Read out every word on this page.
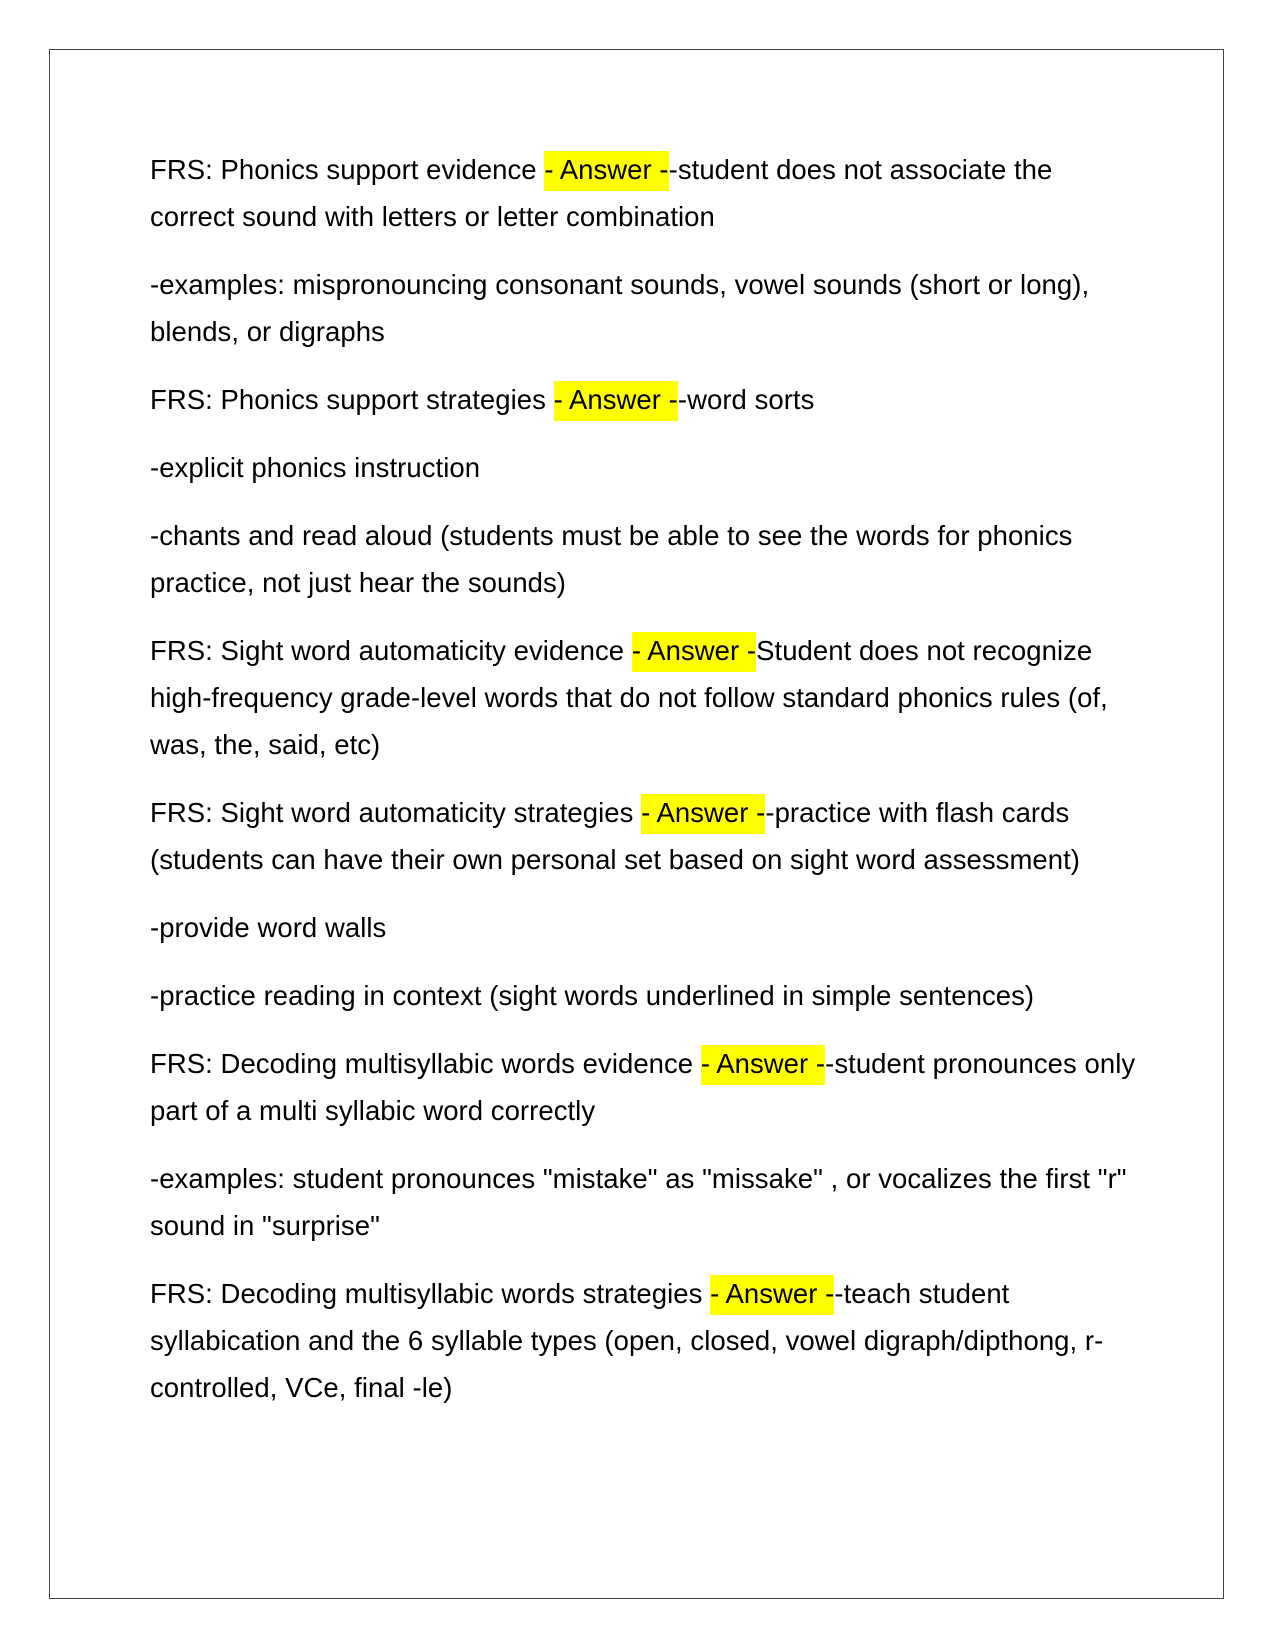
FRS: Phonics support evidence - Answer --student does not associate the correct sound with letters or letter combination

-examples: mispronouncing consonant sounds, vowel sounds (short or long), blends, or digraphs

FRS: Phonics support strategies - Answer --word sorts

-explicit phonics instruction

-chants and read aloud (students must be able to see the words for phonics practice, not just hear the sounds)

FRS: Sight word automaticity evidence - Answer -Student does not recognize high-frequency grade-level words that do not follow standard phonics rules (of, was, the, said, etc)

FRS: Sight word automaticity strategies - Answer --practice with flash cards (students can have their own personal set based on sight word assessment)

-provide word walls

-practice reading in context (sight words underlined in simple sentences)

FRS: Decoding multisyllabic words evidence - Answer --student pronounces only part of a multi syllabic word correctly

-examples: student pronounces "mistake" as "missake" , or vocalizes the first "r" sound in "surprise"

FRS: Decoding multisyllabic words strategies - Answer --teach student syllabication and the 6 syllable types (open, closed, vowel digraph/dipthong, r-controlled, VCe, final -le)
